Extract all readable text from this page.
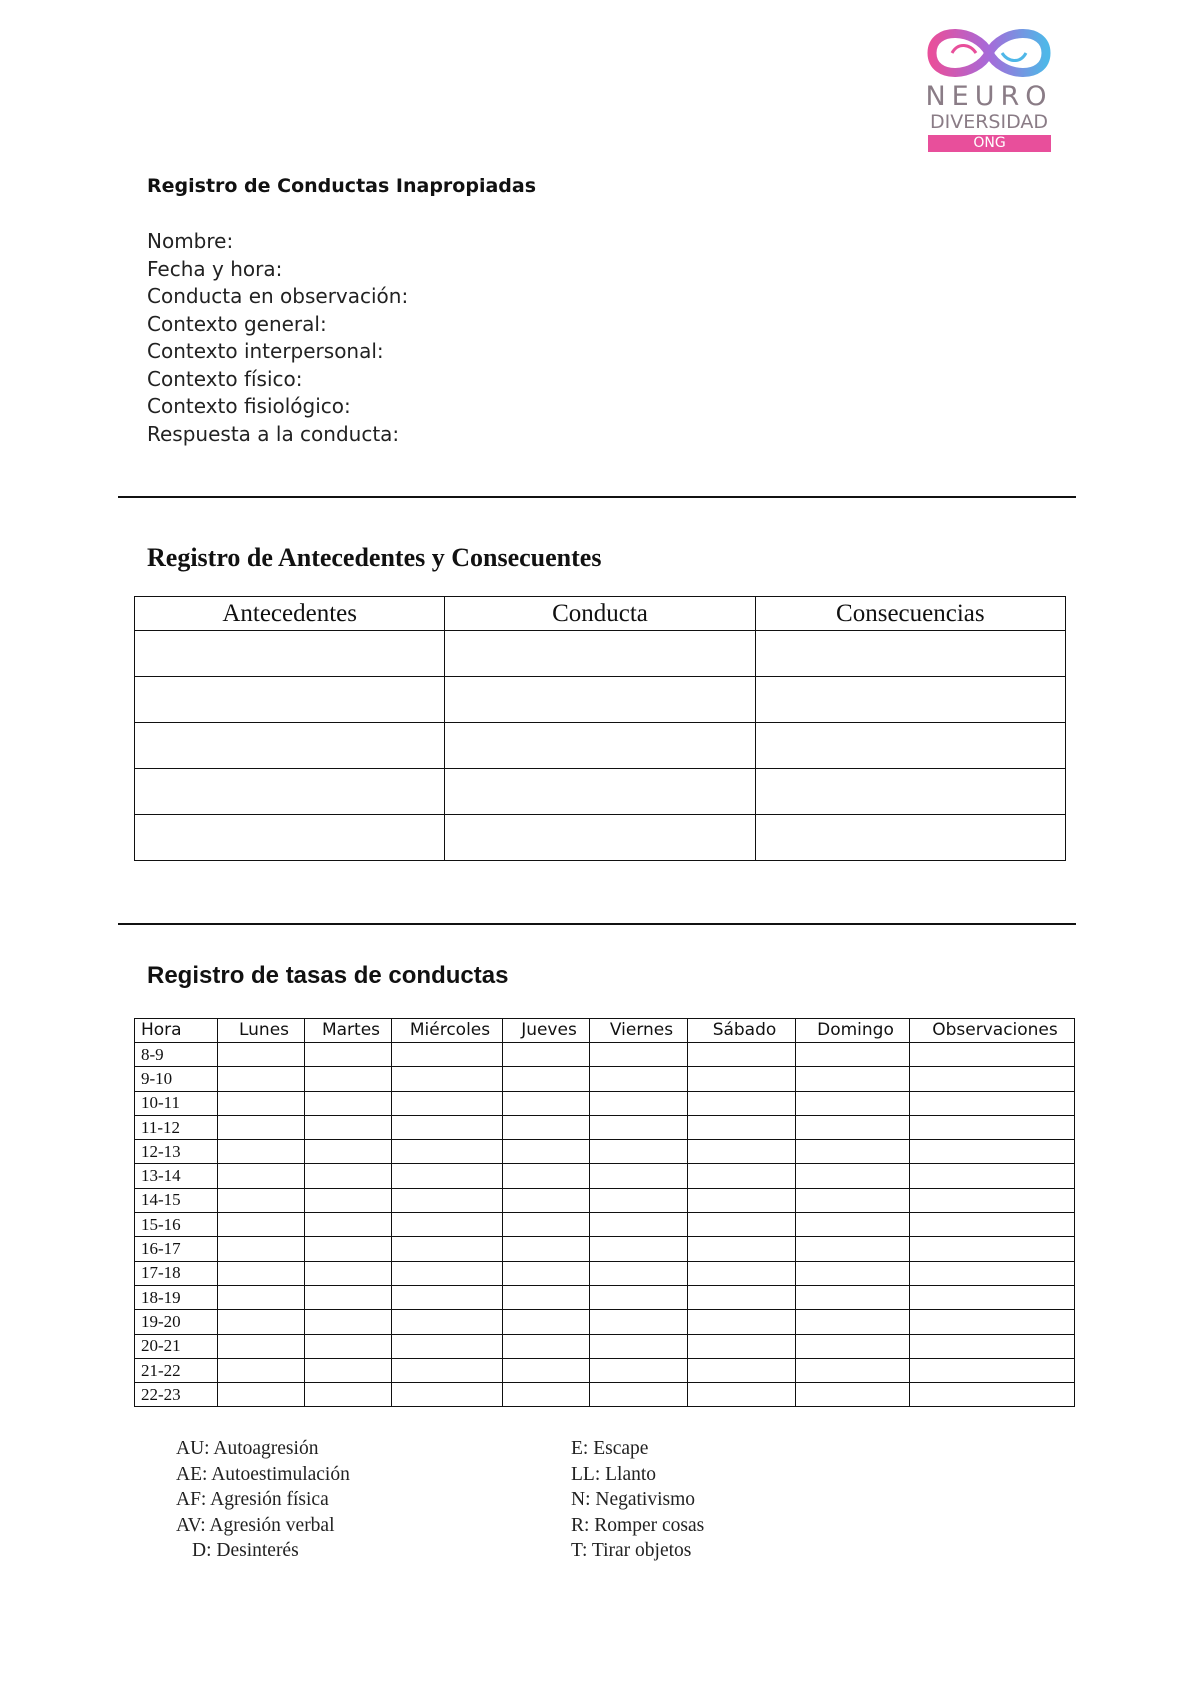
NEURO
DIVERSIDAD
ONG
Registro de Conductas Inapropiadas
Nombre:
Fecha y hora:
Conducta en observación:
Contexto general:
Contexto interpersonal:
Contexto físico:
Contexto fisiológico:
Respuesta a la conducta:
Registro de Antecedentes y Consecuentes
Antecedentes	Conducta	Consecuencias

Registro de tasas de conductas
Hora	Lunes	Martes	Miércoles	Jueves	Viernes	Sábado	Domingo	Observaciones
8-9								
9-10								
10-11								
11-12								
12-13								
13-14								
14-15								
15-16								
16-17								
17-18								
18-19								
19-20								
20-21								
21-22								
22-23								
AU: Autoagresión
AE: Autoestimulación
AF: Agresión física
AV: Agresión verbal
D: Desinterés
E: Escape
LL: Llanto
N: Negativismo
R: Romper cosas
T: Tirar objetos
